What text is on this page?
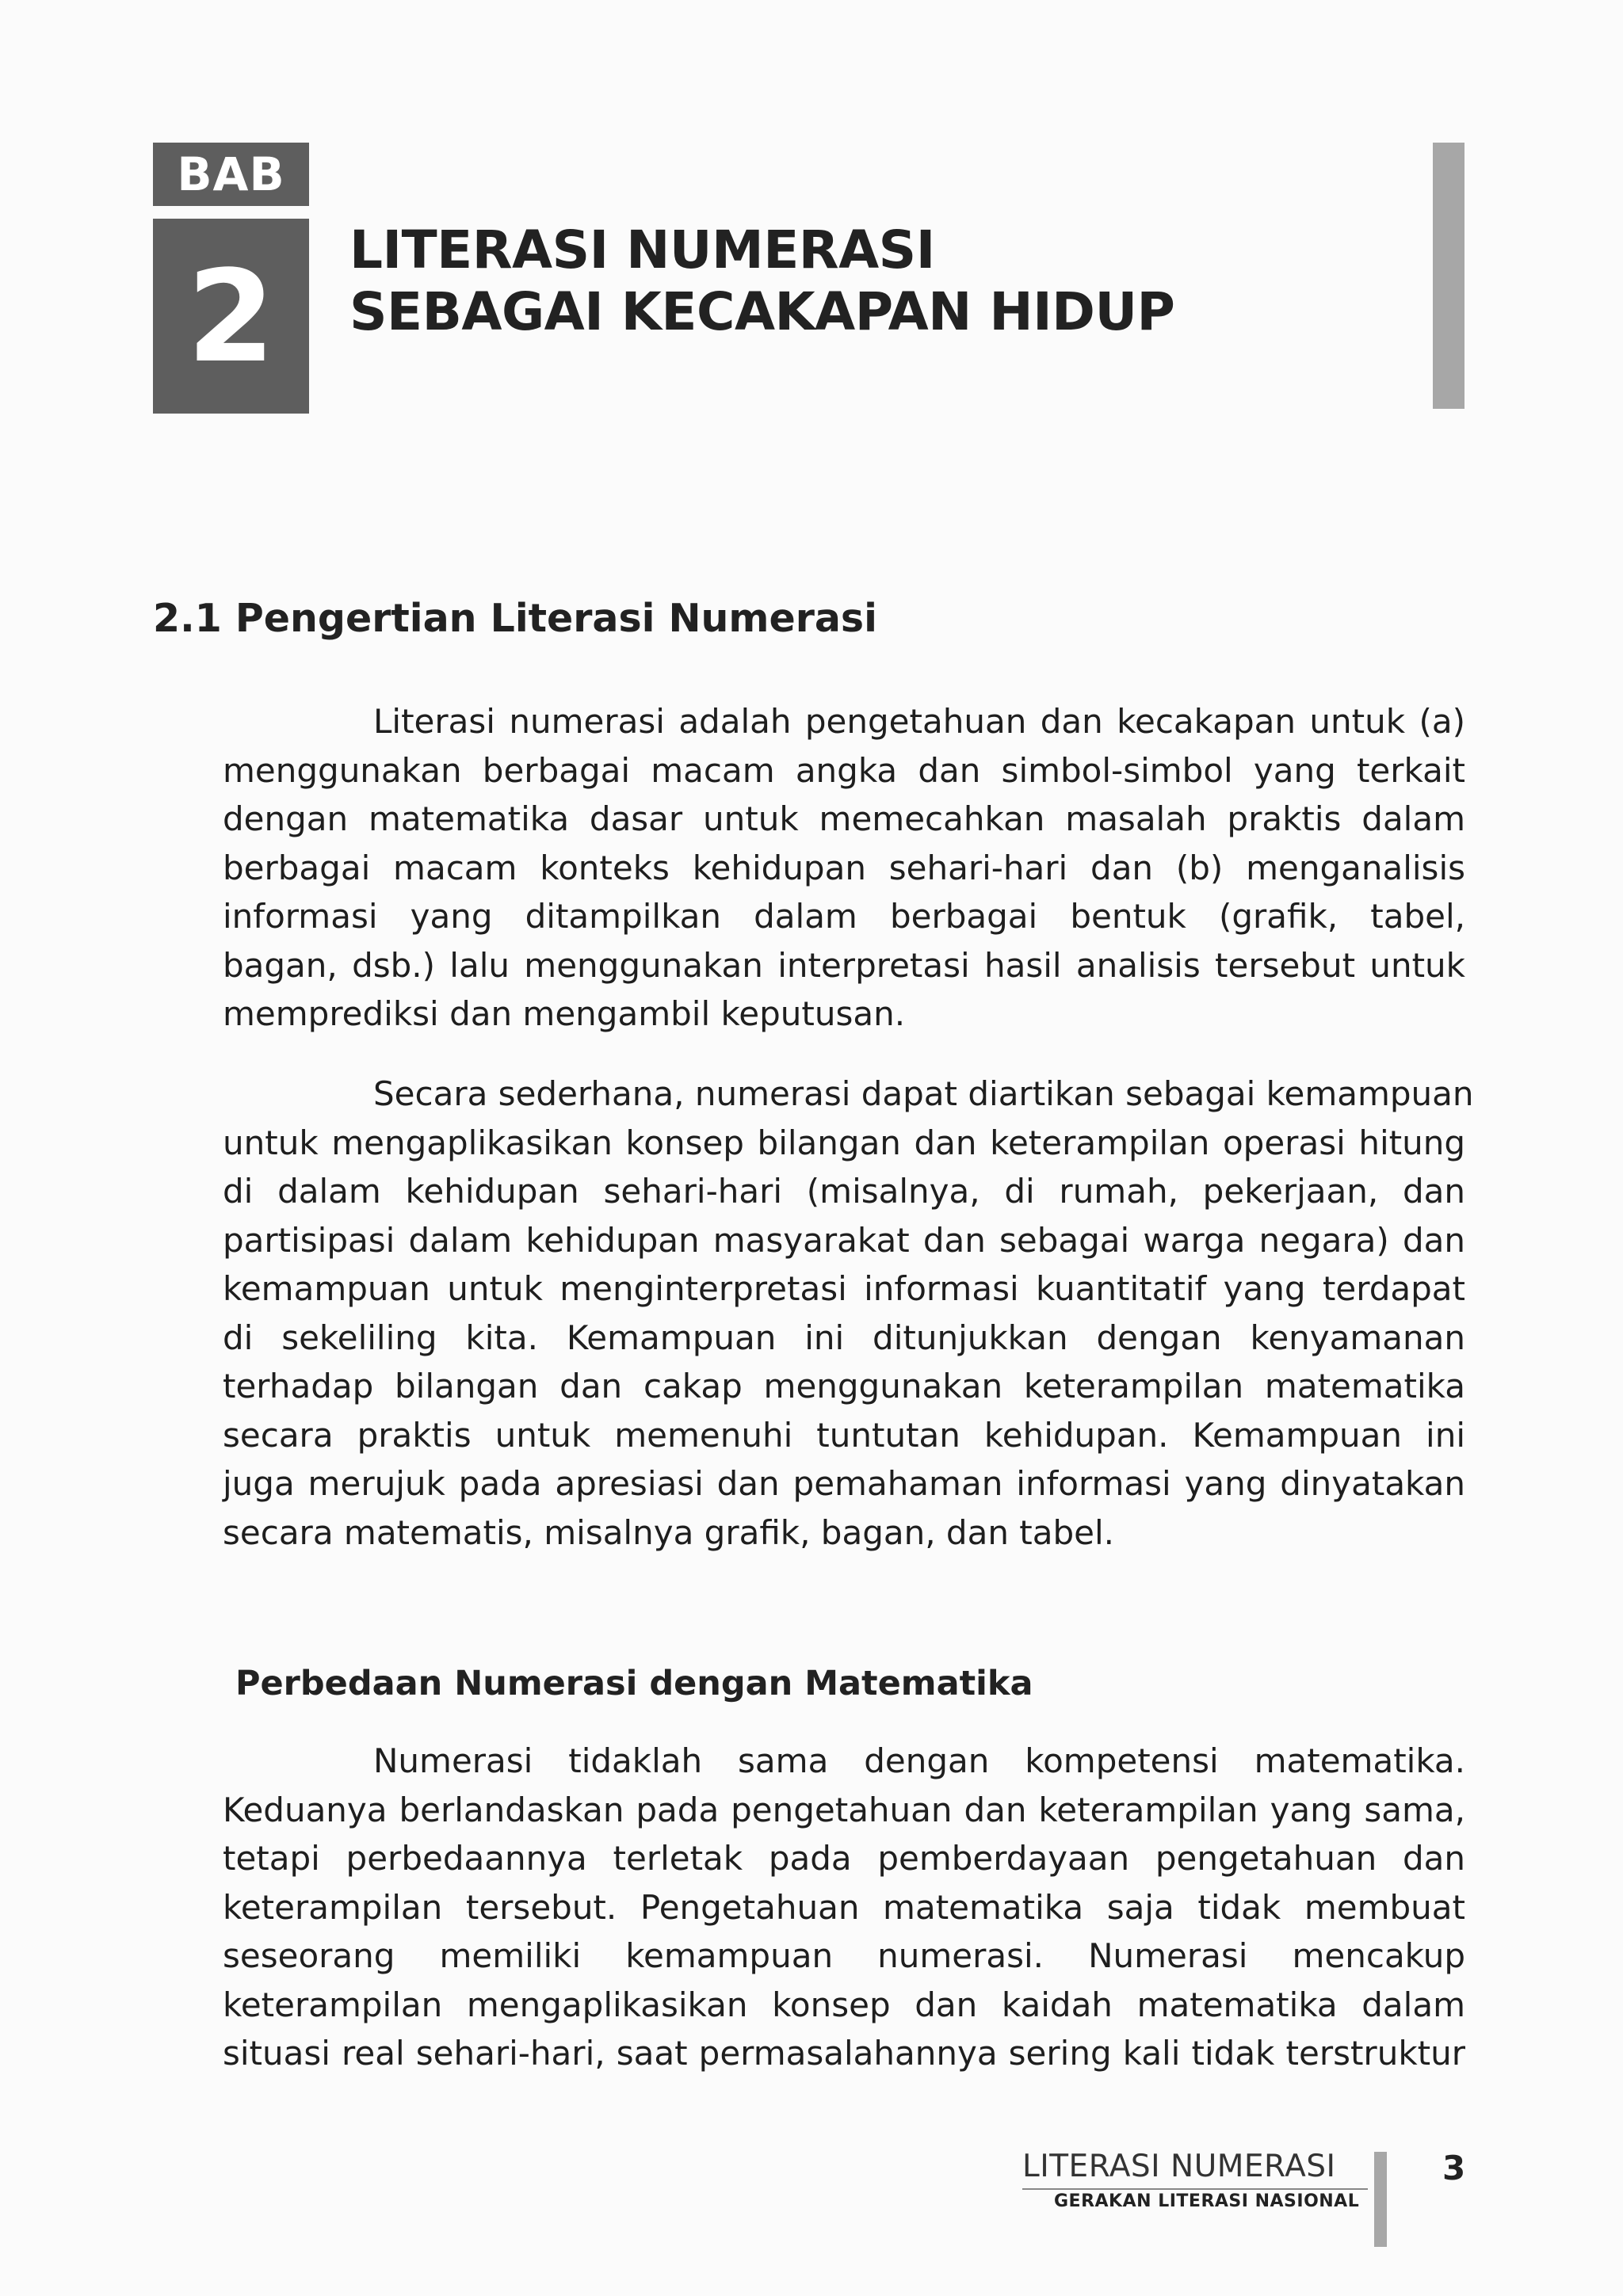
BAB
2	LITERASI NUMERASI
SEBAGAI KECAKAPAN HIDUP
2.1 Pengertian Literasi Numerasi
Literasi numerasi adalah pengetahuan dan kecakapan untuk (a)
menggunakan berbagai macam angka dan simbol-simbol yang terkait
dengan matematika dasar untuk memecahkan masalah praktis dalam
berbagai macam konteks kehidupan sehari-hari dan (b) menganalisis
informasi yang ditampilkan dalam berbagai bentuk (grafik, tabel,
bagan, dsb.) lalu menggunakan interpretasi hasil analisis tersebut untuk
memprediksi dan mengambil keputusan.
Secara sederhana, numerasi dapat diartikan sebagai kemampuan
untuk mengaplikasikan konsep bilangan dan keterampilan operasi hitung
di dalam kehidupan sehari-hari (misalnya, di rumah, pekerjaan, dan
partisipasi dalam kehidupan masyarakat dan sebagai warga negara) dan
kemampuan untuk menginterpretasi informasi kuantitatif yang terdapat
di sekeliling kita. Kemampuan ini ditunjukkan dengan kenyamanan
terhadap bilangan dan cakap menggunakan keterampilan matematika
secara praktis untuk memenuhi tuntutan kehidupan. Kemampuan ini
juga merujuk pada apresiasi dan pemahaman informasi yang dinyatakan
secara matematis, misalnya grafik, bagan, dan tabel.
Perbedaan Numerasi dengan Matematika
Numerasi tidaklah sama dengan kompetensi matematika.
Keduanya berlandaskan pada pengetahuan dan keterampilan yang sama,
tetapi perbedaannya terletak pada pemberdayaan pengetahuan dan
keterampilan tersebut. Pengetahuan matematika saja tidak membuat
seseorang memiliki kemampuan numerasi. Numerasi mencakup
keterampilan mengaplikasikan konsep dan kaidah matematika dalam
situasi real sehari-hari, saat permasalahannya sering kali tidak terstruktur
LITERASI NUMERASI
GERAKAN LITERASI NASIONAL
3
